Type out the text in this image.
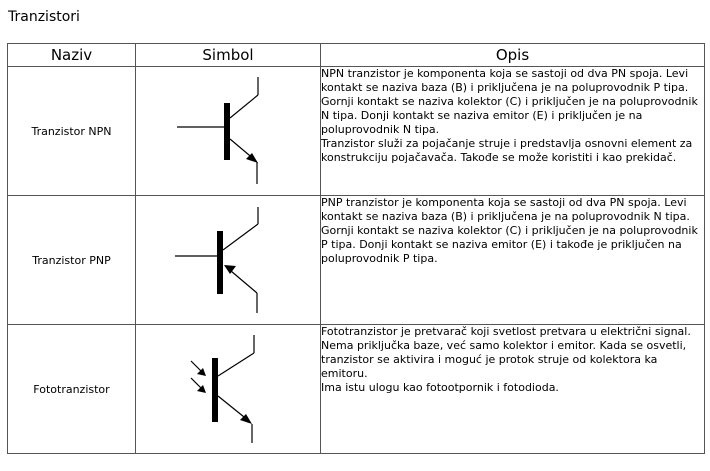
Tranzistori
Naziv	Simbol	Opis
Tranzistor NPN		NPN tranzistor je komponenta koja se sastoji od dva PN spoja. Levi kontakt se naziva baza (B) i priključena je na poluprovodnik P tipa. Gornji kontakt se naziva kolektor (C) i priključen je na poluprovodnik N tipa. Donji kontakt se naziva emitor (E) i priključen je na poluprovodnik N tipa.

Tranzistor služi za pojačanje struje i predstavlja osnovni element za konstrukciju pojačavača. Takođe se može koristiti i kao prekidač.

Tranzistor PNP		PNP tranzistor je komponenta koja se sastoji od dva PN spoja. Levi kontakt se naziva baza (B) i priključena je na poluprovodnik N tipa. Gornji kontakt se naziva kolektor (C) i priključen je na poluprovodnik P tipa. Donji kontakt se naziva emitor (E) i takođe je priključen na poluprovodnik P tipa.

Fototranzistor		Fototranzistor je pretvarač koji svetlost pretvara u električni signal. Nema priključka baze, već samo kolektor i emitor. Kada se osvetli, tranzistor se aktivira i moguć je protok struje od kolektora ka emitoru.

Ima istu ulogu kao fotootpornik i fotodioda.
